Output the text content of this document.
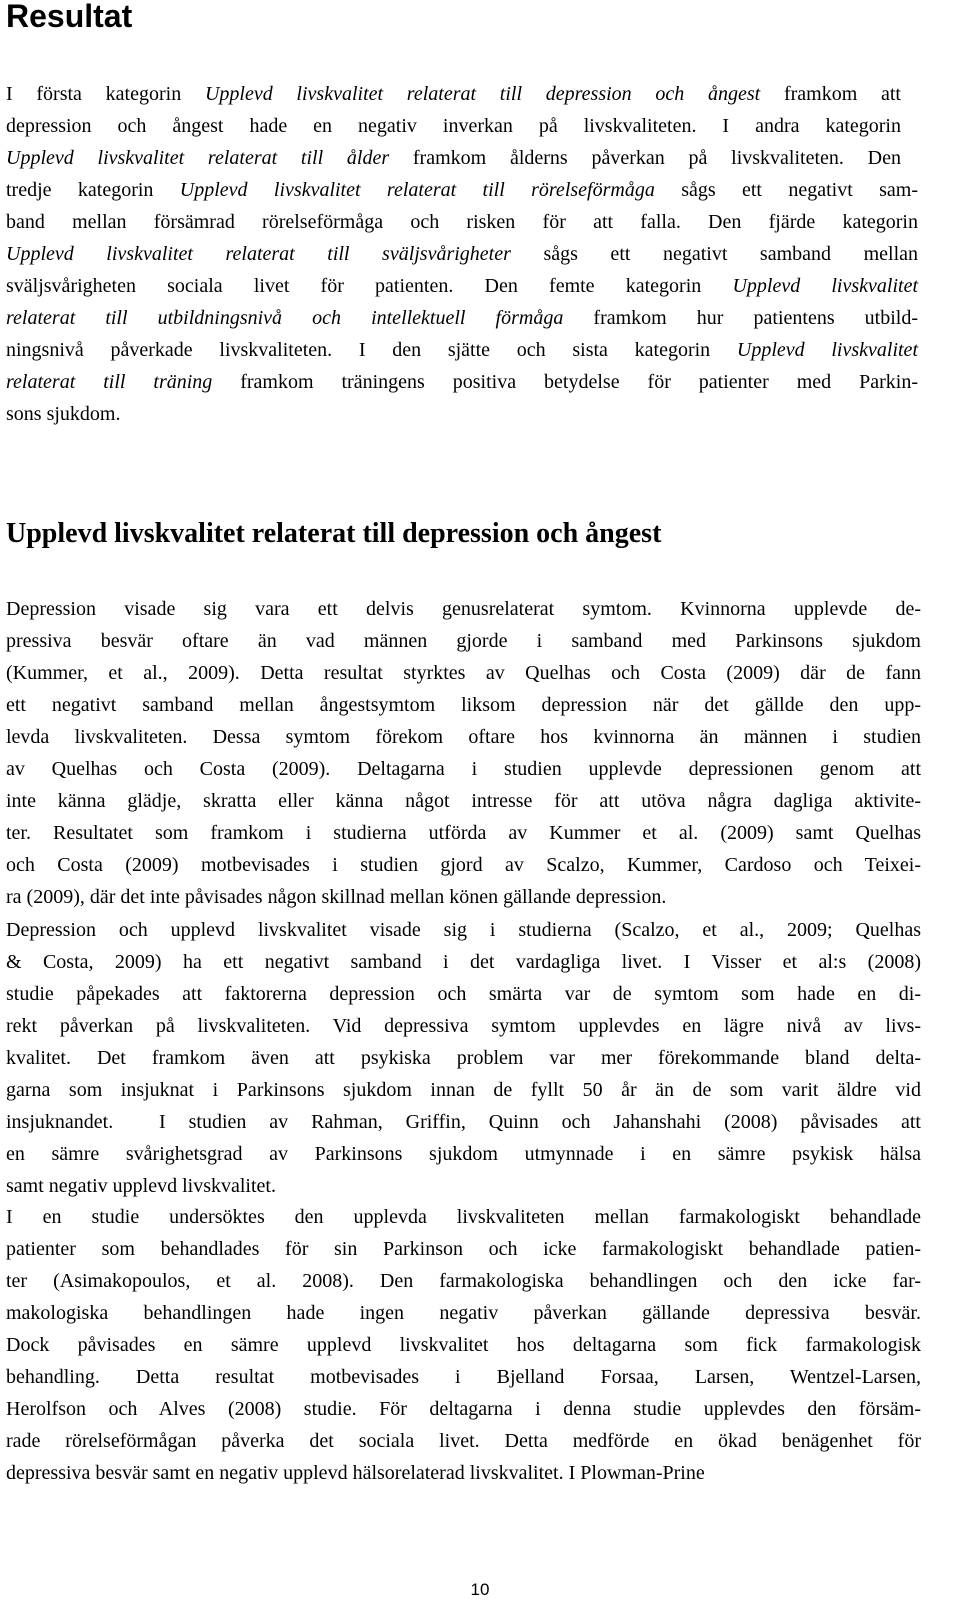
Resultat
I första kategorin Upplevd livskvalitet relaterat till depression och ångest framkom att
depression och ångest hade en negativ inverkan på livskvaliteten. I andra kategorin
Upplevd livskvalitet relaterat till ålder framkom ålderns påverkan på livskvaliteten. Den
tredje kategorin Upplevd livskvalitet relaterat till rörelseförmåga sågs ett negativt sam-
band mellan försämrad rörelseförmåga och risken för att falla. Den fjärde kategorin
Upplevd livskvalitet relaterat till sväljsvårigheter sågs ett negativt samband mellan
sväljsvårigheten sociala livet för patienten. Den femte kategorin Upplevd livskvalitet
relaterat till utbildningsnivå och intellektuell förmåga framkom hur patientens utbild-
ningsnivå påverkade livskvaliteten. I den sjätte och sista kategorin Upplevd livskvalitet
relaterat till träning framkom träningens positiva betydelse för patienter med Parkin-
sons sjukdom.
Upplevd livskvalitet relaterat till depression och ångest
Depression visade sig vara ett delvis genusrelaterat symtom. Kvinnorna upplevde de-
pressiva besvär oftare än vad männen gjorde i samband med Parkinsons sjukdom
(Kummer, et al., 2009). Detta resultat styrktes av Quelhas och Costa (2009) där de fann
ett negativt samband mellan ångestsymtom liksom depression när det gällde den upp-
levda livskvaliteten. Dessa symtom förekom oftare hos kvinnorna än männen i studien
av Quelhas och Costa (2009). Deltagarna i studien upplevde depressionen genom att
inte känna glädje, skratta eller känna något intresse för att utöva några dagliga aktivite-
ter. Resultatet som framkom i studierna utförda av Kummer et al. (2009) samt Quelhas
och Costa (2009) motbevisades i studien gjord av Scalzo, Kummer, Cardoso och Teixei-
ra (2009), där det inte påvisades någon skillnad mellan könen gällande depression.
Depression och upplevd livskvalitet visade sig i studierna (Scalzo, et al., 2009; Quelhas
& Costa, 2009) ha ett negativt samband i det vardagliga livet. I Visser et al:s (2008)
studie påpekades att faktorerna depression och smärta var de symtom som hade en di-
rekt påverkan på livskvaliteten. Vid depressiva symtom upplevdes en lägre nivå av livs-
kvalitet. Det framkom även att psykiska problem var mer förekommande bland delta-
garna som insjuknat i Parkinsons sjukdom innan de fyllt 50 år än de som varit äldre vid
insjuknandet.  I studien av Rahman, Griffin, Quinn och Jahanshahi (2008) påvisades att
en sämre svårighetsgrad av Parkinsons sjukdom utmynnade i en sämre psykisk hälsa
samt negativ upplevd livskvalitet.
I en studie undersöktes den upplevda livskvaliteten mellan farmakologiskt behandlade
patienter som behandlades för sin Parkinson och icke farmakologiskt behandlade patien-
ter (Asimakopoulos, et al. 2008). Den farmakologiska behandlingen och den icke far-
makologiska behandlingen hade ingen negativ påverkan gällande depressiva besvär.
Dock påvisades en sämre upplevd livskvalitet hos deltagarna som fick farmakologisk
behandling. Detta resultat motbevisades i Bjelland Forsaa, Larsen, Wentzel-Larsen,
Herolfson och Alves (2008) studie. För deltagarna i denna studie upplevdes den försäm-
rade rörelseförmågan påverka det sociala livet. Detta medförde en ökad benägenhet för
depressiva besvär samt en negativ upplevd hälsorelaterad livskvalitet. I Plowman-Prine
10
